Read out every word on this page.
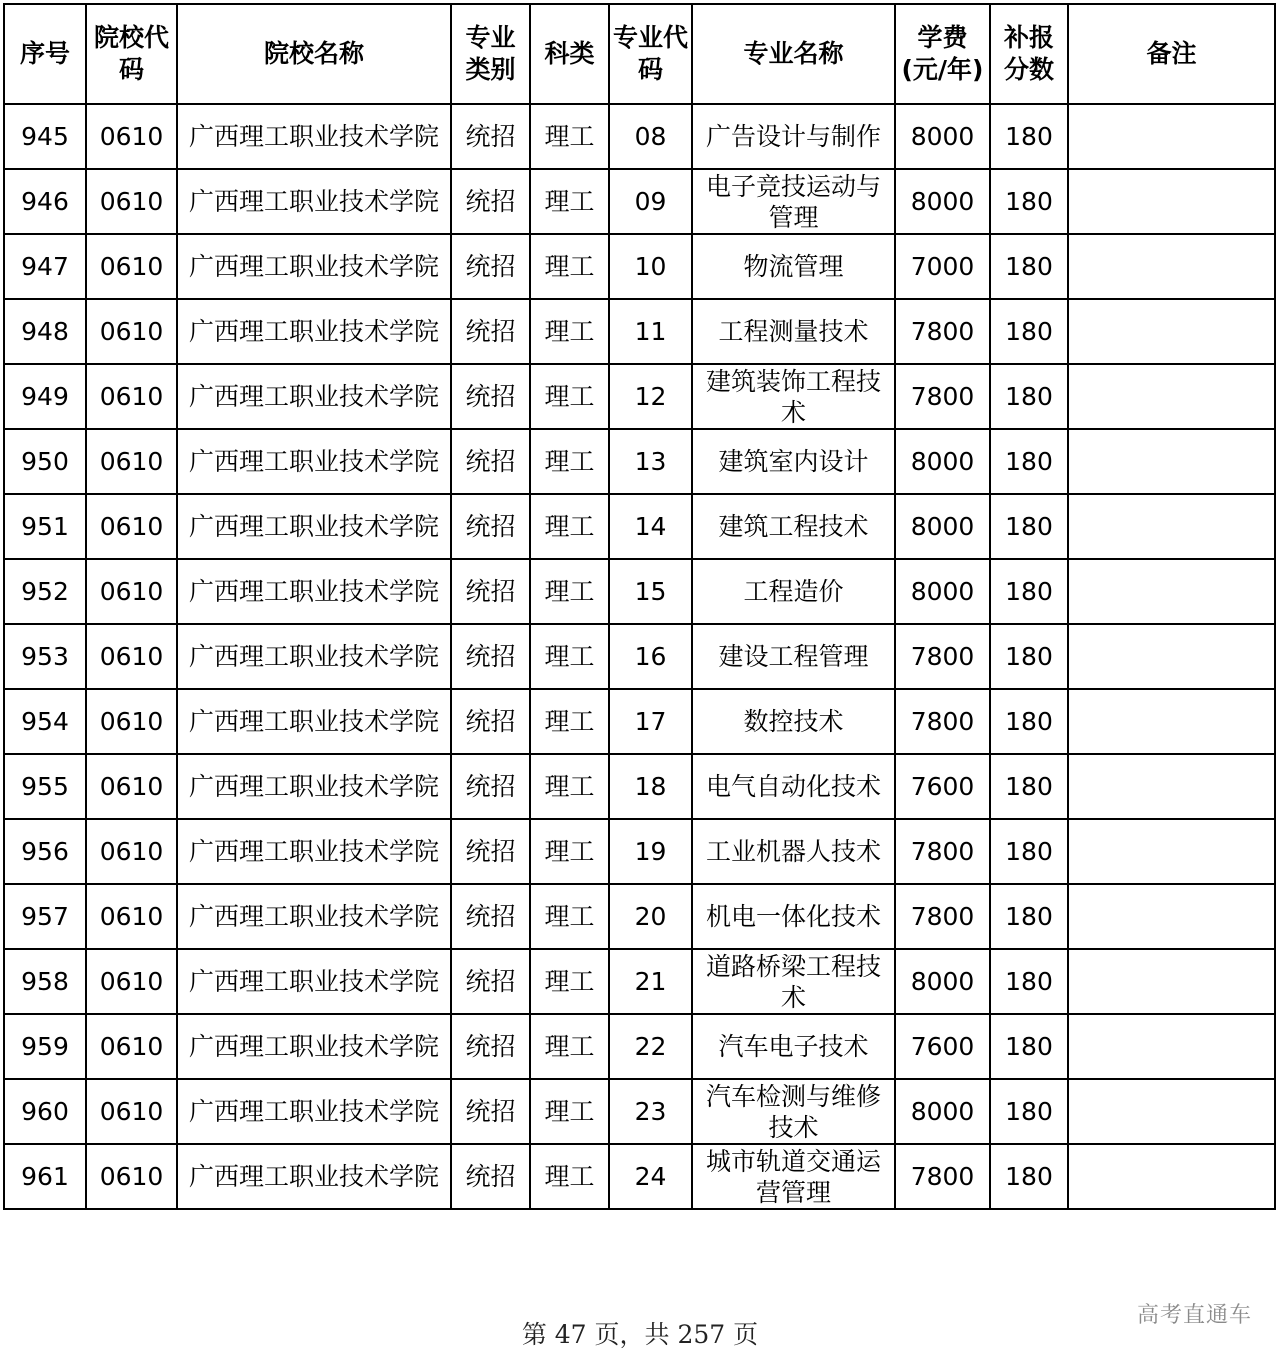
序号	院校代码	院校名称	专业类别	科类	专业代码	专业名称	学费(元/年)	补报分数	备注
945	0610	广西理工职业技术学院	统招	理工	08	广告设计与制作	8000	180	
946	0610	广西理工职业技术学院	统招	理工	09	电子竞技运动与管理	8000	180	
947	0610	广西理工职业技术学院	统招	理工	10	物流管理	7000	180	
948	0610	广西理工职业技术学院	统招	理工	11	工程测量技术	7800	180	
949	0610	广西理工职业技术学院	统招	理工	12	建筑装饰工程技术	7800	180	
950	0610	广西理工职业技术学院	统招	理工	13	建筑室内设计	8000	180	
951	0610	广西理工职业技术学院	统招	理工	14	建筑工程技术	8000	180	
952	0610	广西理工职业技术学院	统招	理工	15	工程造价	8000	180	
953	0610	广西理工职业技术学院	统招	理工	16	建设工程管理	7800	180	
954	0610	广西理工职业技术学院	统招	理工	17	数控技术	7800	180	
955	0610	广西理工职业技术学院	统招	理工	18	电气自动化技术	7600	180	
956	0610	广西理工职业技术学院	统招	理工	19	工业机器人技术	7800	180	
957	0610	广西理工职业技术学院	统招	理工	20	机电一体化技术	7800	180	
958	0610	广西理工职业技术学院	统招	理工	21	道路桥梁工程技术	8000	180	
959	0610	广西理工职业技术学院	统招	理工	22	汽车电子技术	7600	180	
960	0610	广西理工职业技术学院	统招	理工	23	汽车检测与维修技术	8000	180	
961	0610	广西理工职业技术学院	统招	理工	24	城市轨道交通运营管理	7800	180	
第 47 页，共 257 页
高考直通车
